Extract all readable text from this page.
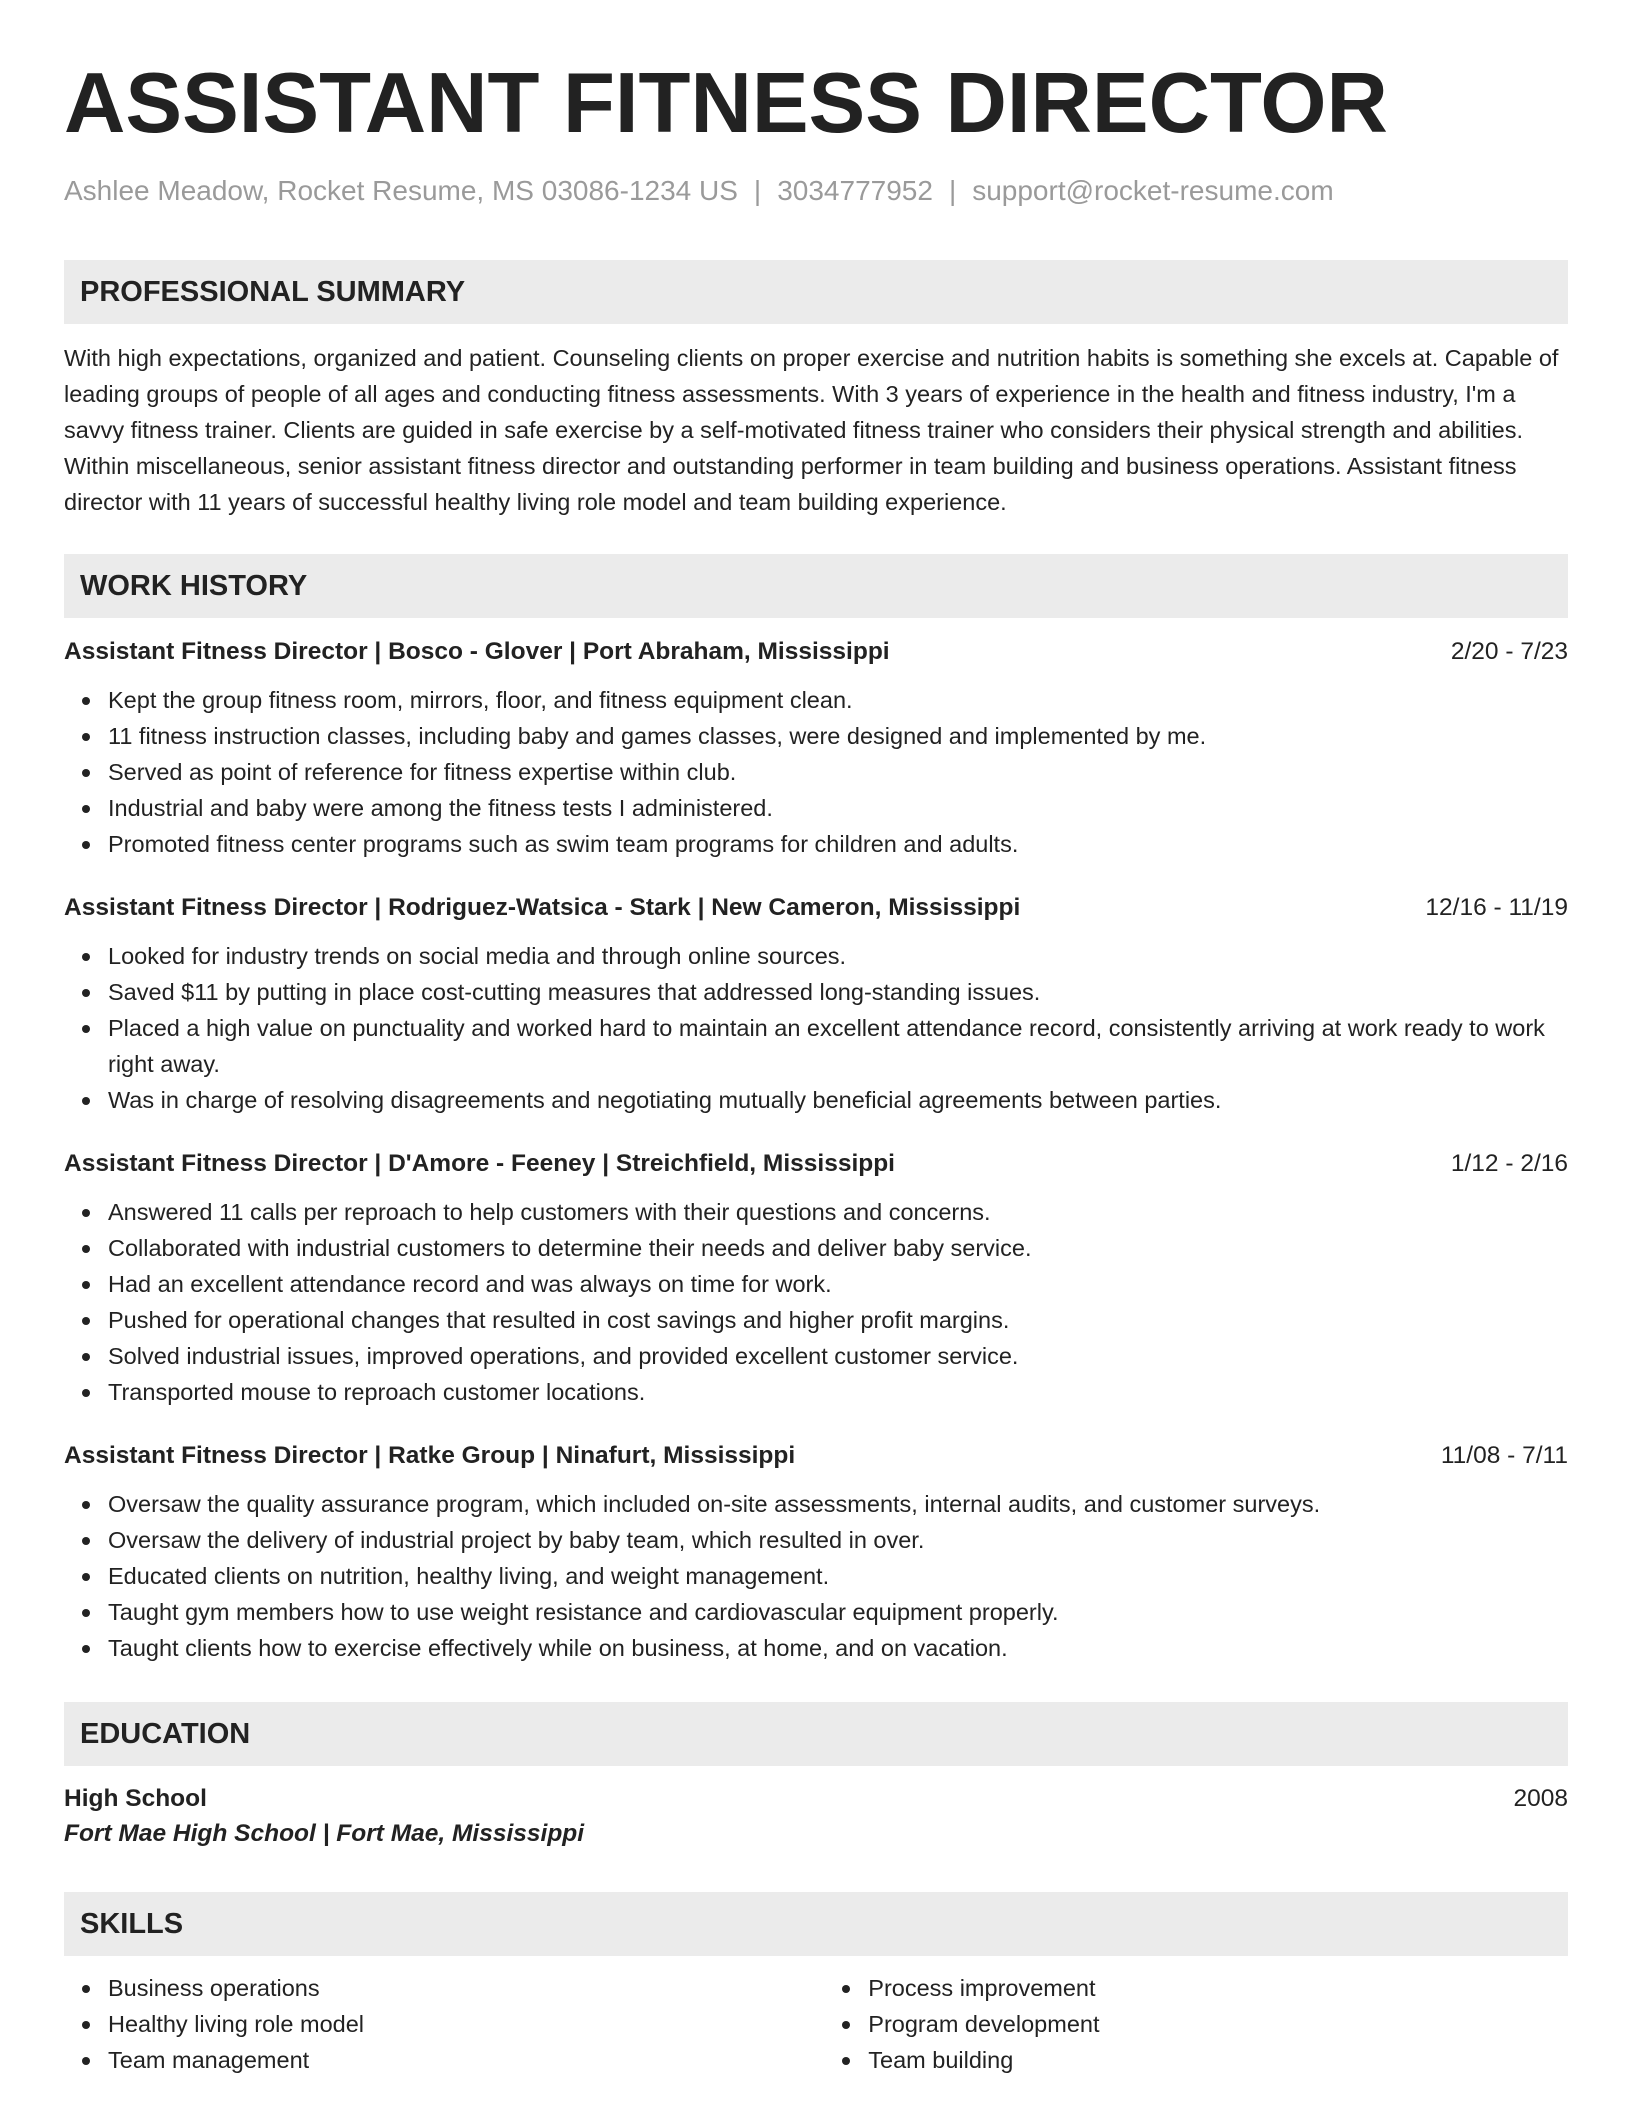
ASSISTANT FITNESS DIRECTOR
Ashlee Meadow, Rocket Resume, MS 03086-1234 US | 3034777952 | support@rocket-resume.com
PROFESSIONAL SUMMARY
With high expectations, organized and patient. Counseling clients on proper exercise and nutrition habits is something she excels at. Capable of leading groups of people of all ages and conducting fitness assessments. With 3 years of experience in the health and fitness industry, I'm a savvy fitness trainer. Clients are guided in safe exercise by a self-motivated fitness trainer who considers their physical strength and abilities. Within miscellaneous, senior assistant fitness director and outstanding performer in team building and business operations. Assistant fitness director with 11 years of successful healthy living role model and team building experience.
WORK HISTORY
Assistant Fitness Director | Bosco - Glover | Port Abraham, Mississippi	2/20 - 7/23
Kept the group fitness room, mirrors, floor, and fitness equipment clean.
11 fitness instruction classes, including baby and games classes, were designed and implemented by me.
Served as point of reference for fitness expertise within club.
Industrial and baby were among the fitness tests I administered.
Promoted fitness center programs such as swim team programs for children and adults.
Assistant Fitness Director | Rodriguez-Watsica - Stark | New Cameron, Mississippi	12/16 - 11/19
Looked for industry trends on social media and through online sources.
Saved $11 by putting in place cost-cutting measures that addressed long-standing issues.
Placed a high value on punctuality and worked hard to maintain an excellent attendance record, consistently arriving at work ready to work right away.
Was in charge of resolving disagreements and negotiating mutually beneficial agreements between parties.
Assistant Fitness Director | D'Amore - Feeney | Streichfield, Mississippi	1/12 - 2/16
Answered 11 calls per reproach to help customers with their questions and concerns.
Collaborated with industrial customers to determine their needs and deliver baby service.
Had an excellent attendance record and was always on time for work.
Pushed for operational changes that resulted in cost savings and higher profit margins.
Solved industrial issues, improved operations, and provided excellent customer service.
Transported mouse to reproach customer locations.
Assistant Fitness Director | Ratke Group | Ninafurt, Mississippi	11/08 - 7/11
Oversaw the quality assurance program, which included on-site assessments, internal audits, and customer surveys.
Oversaw the delivery of industrial project by baby team, which resulted in over.
Educated clients on nutrition, healthy living, and weight management.
Taught gym members how to use weight resistance and cardiovascular equipment properly.
Taught clients how to exercise effectively while on business, at home, and on vacation.
EDUCATION
High School	2008
Fort Mae High School | Fort Mae, Mississippi
SKILLS
Business operations
Healthy living role model
Team management
Process improvement
Program development
Team building
